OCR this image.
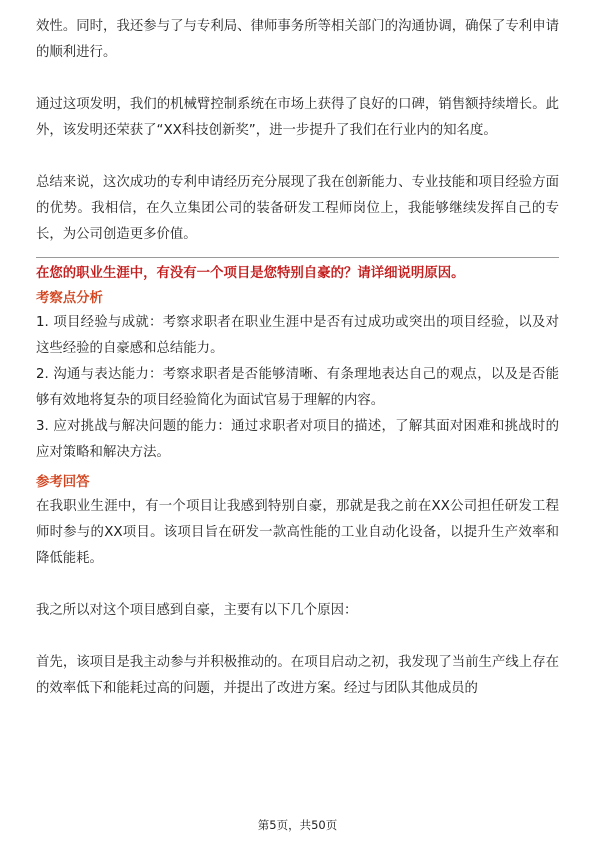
效性。同时，我还参与了与专利局、律师事务所等相关部门的沟通协调，确保了专利申请的顺利进行。

通过这项发明，我们的机械臂控制系统在市场上获得了良好的口碑，销售额持续增长。此外，该发明还荣获了“XX科技创新奖”，进一步提升了我们在行业内的知名度。

总结来说，这次成功的专利申请经历充分展现了我在创新能力、专业技能和项目经验方面的优势。我相信，在久立集团公司的装备研发工程师岗位上，我能够继续发挥自己的专长，为公司创造更多价值。

在您的职业生涯中，有没有一个项目是您特别自豪的？请详细说明原因。

考察点分析

1. 项目经验与成就：考察求职者在职业生涯中是否有过成功或突出的项目经验，以及对这些经验的自豪感和总结能力。

2. 沟通与表达能力：考察求职者是否能够清晰、有条理地表达自己的观点，以及是否能够有效地将复杂的项目经验简化为面试官易于理解的内容。

3. 应对挑战与解决问题的能力：通过求职者对项目的描述，了解其面对困难和挑战时的应对策略和解决方法。

参考回答

在我职业生涯中，有一个项目让我感到特别自豪，那就是我之前在XX公司担任研发工程师时参与的XX项目。该项目旨在研发一款高性能的工业自动化设备，以提升生产效率和降低能耗。

我之所以对这个项目感到自豪，主要有以下几个原因：

首先，该项目是我主动参与并积极推动的。在项目启动之初，我发现了当前生产线上存在的效率低下和能耗过高的问题，并提出了改进方案。经过与团队其他成员的

第5页，共50页
